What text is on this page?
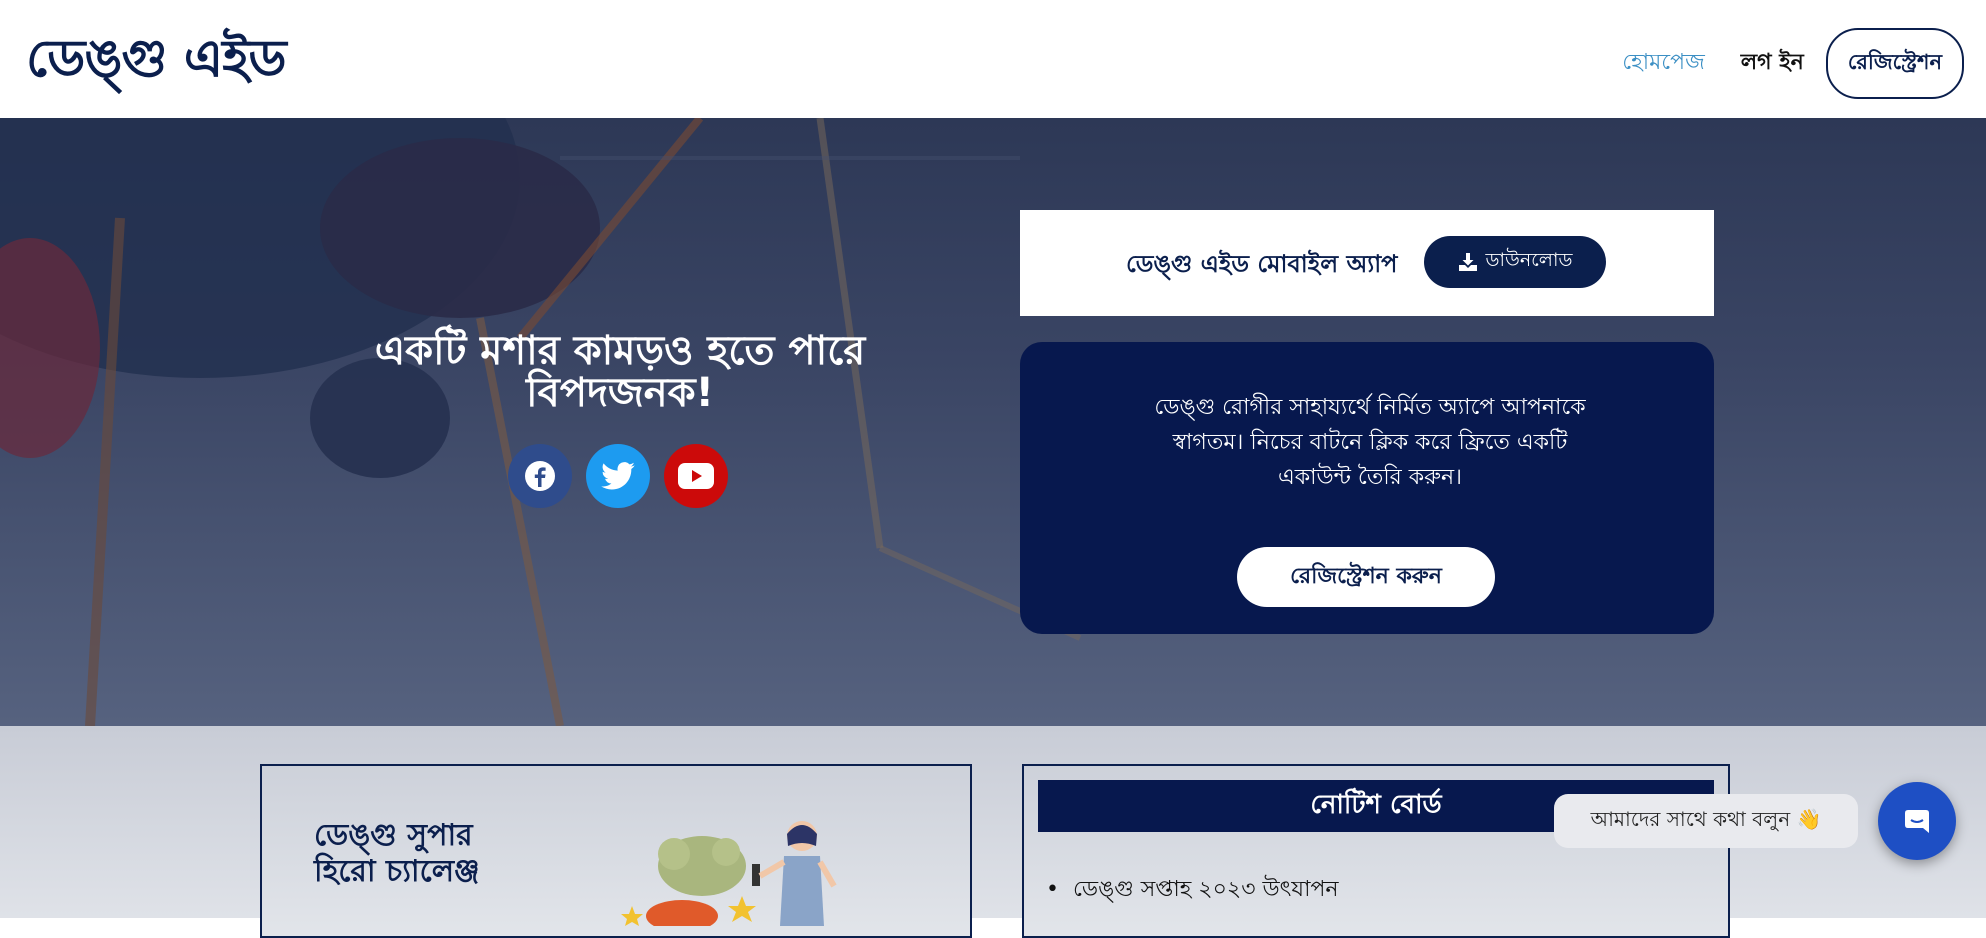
ডেঙ্গু এইড	হোমপেজ লগ ইন	রেজিস্ট্রেশন
একটি মশার কামড়ও হতে পারে বিপদজনক!
ডেঙ্গু এইড মোবাইল অ্যাপ	ডাউনলোড
ডেঙ্গু রোগীর সাহায্যর্থে নির্মিত অ্যাপে আপনাকে স্বাগতম। নিচের বাটনে ক্লিক করে ফ্রিতে একটি একাউন্ট তৈরি করুন।
রেজিস্ট্রেশন করুন
ডেঙ্গু সুপার
হিরো চ্যালেঞ্জ
নোটিশ বোর্ড
• ডেঙ্গু সপ্তাহ ২০২৩ উৎযাপন
আমাদের সাথে কথা বলুন 👋
